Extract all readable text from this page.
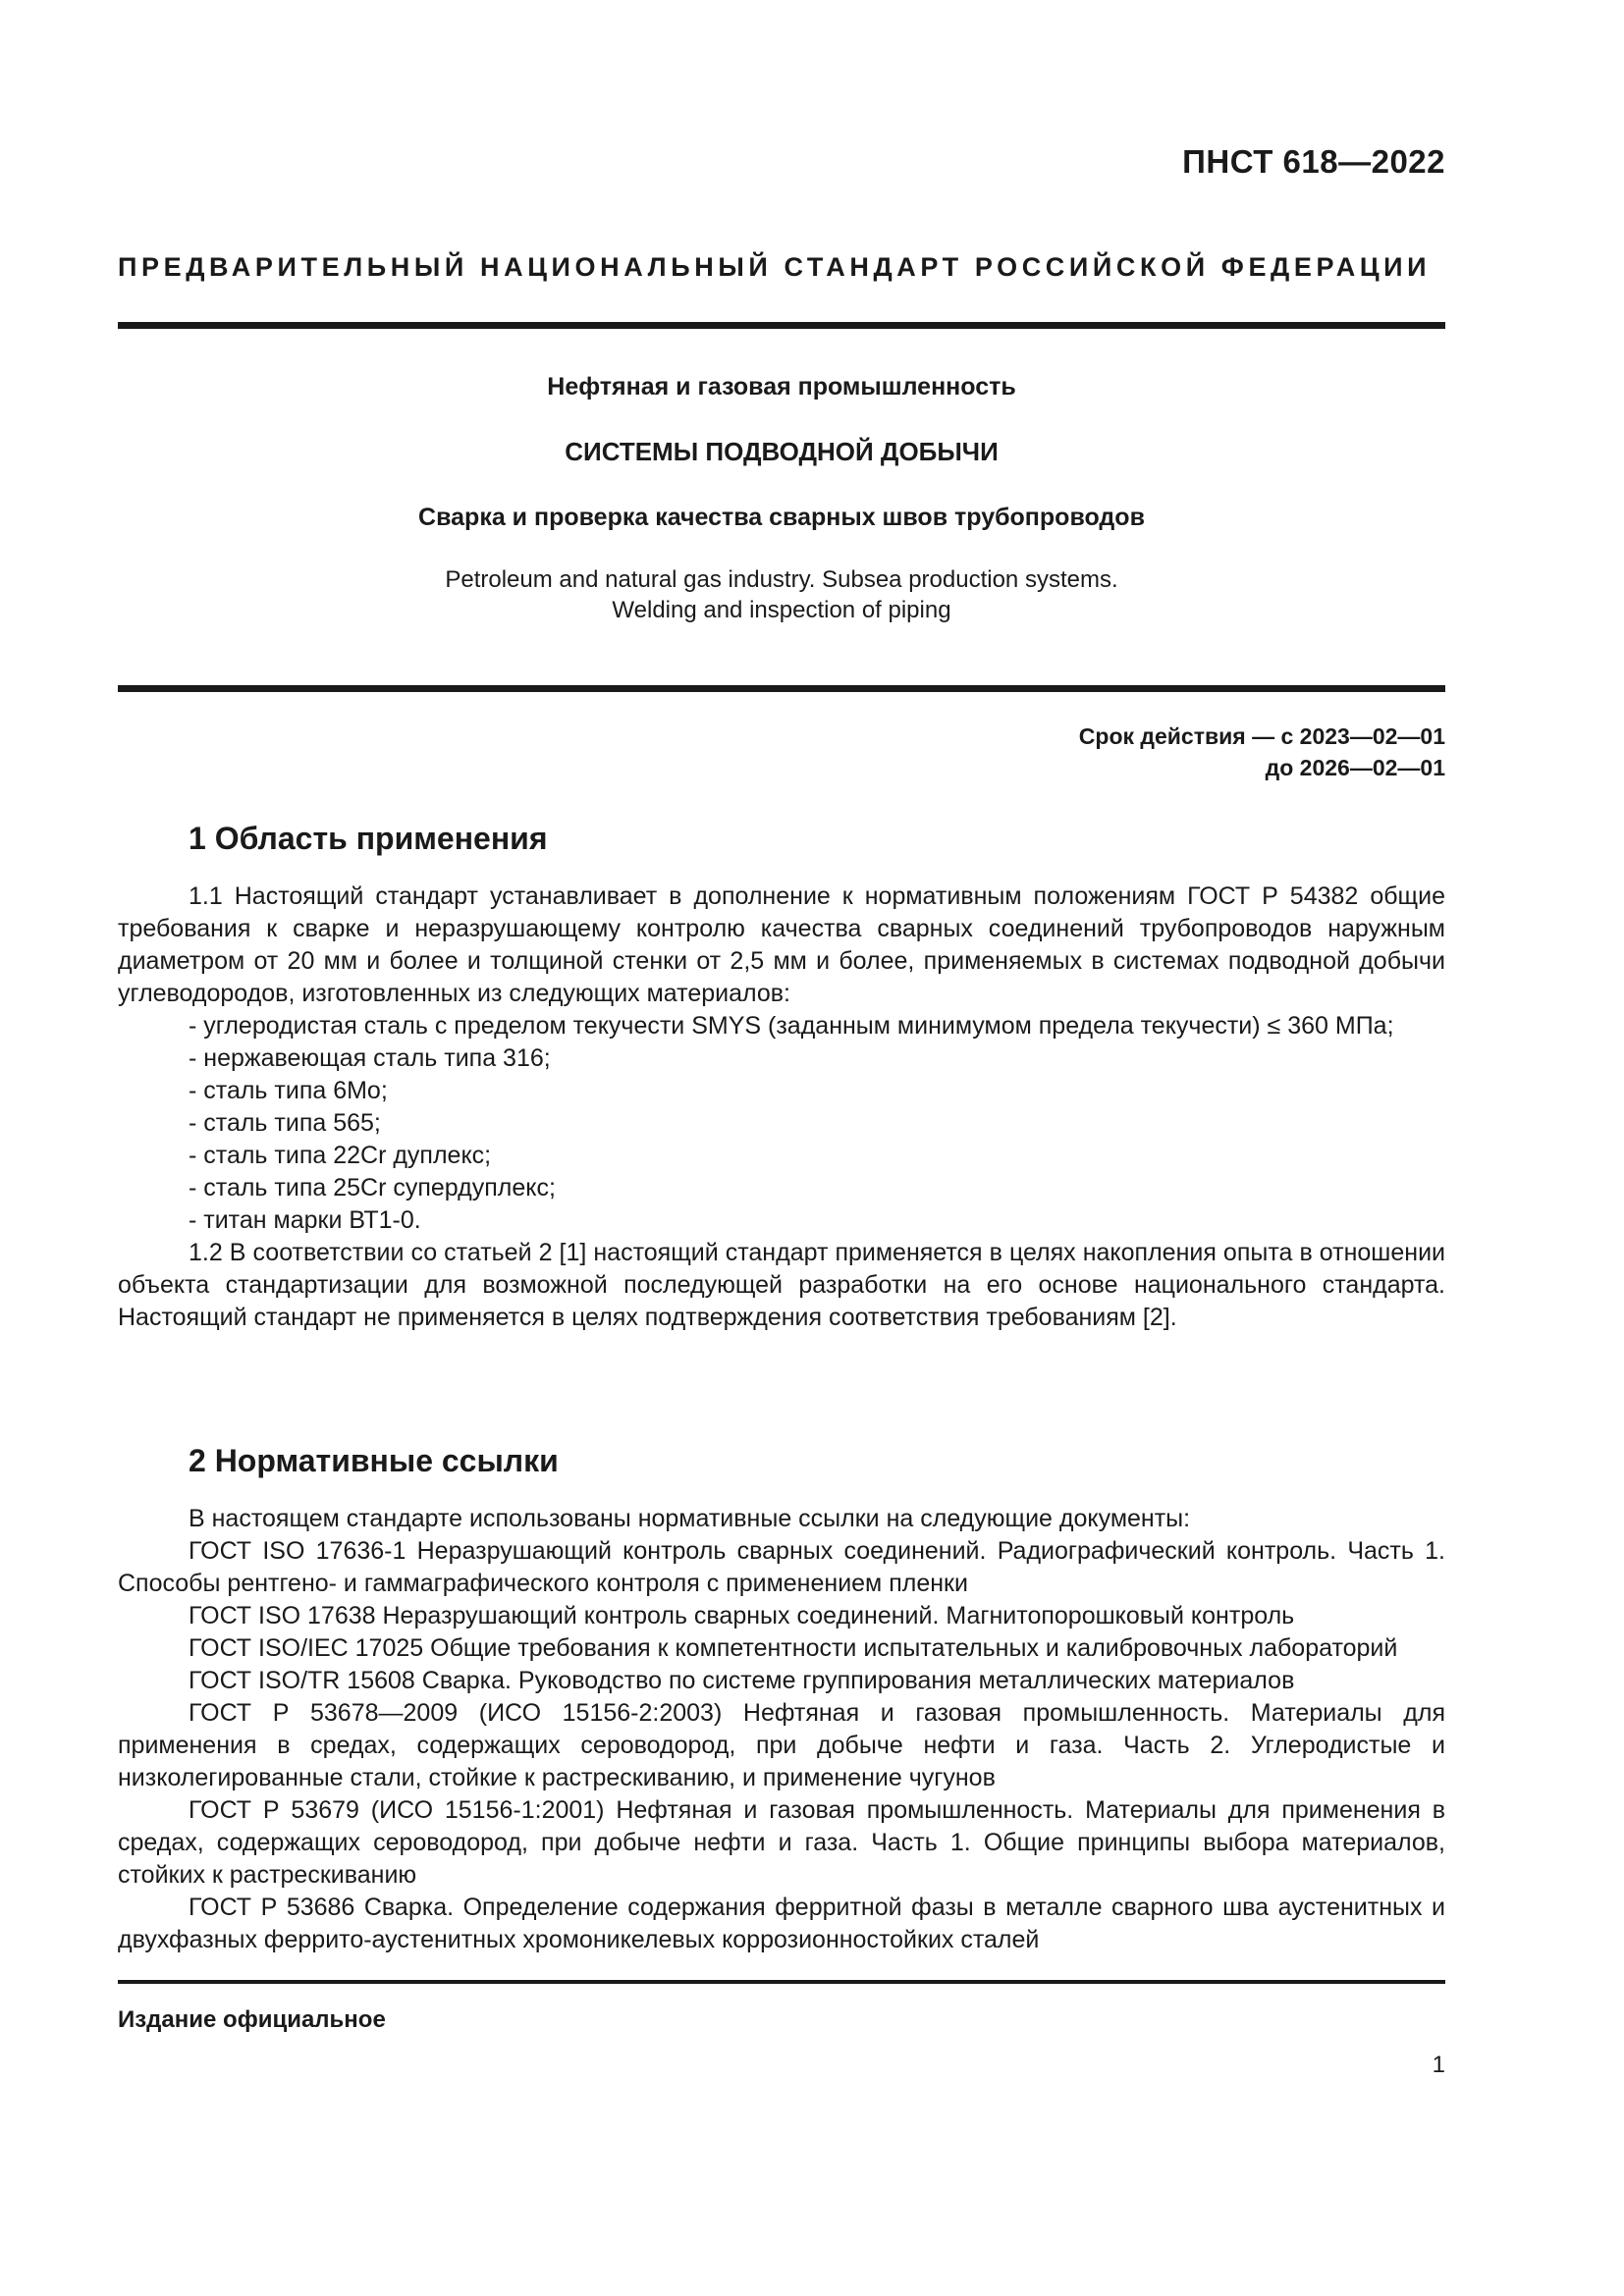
ПНСТ 618—2022
ПРЕДВАРИТЕЛЬНЫЙ НАЦИОНАЛЬНЫЙ СТАНДАРТ РОССИЙСКОЙ ФЕДЕРАЦИИ
Нефтяная и газовая промышленность
СИСТЕМЫ ПОДВОДНОЙ ДОБЫЧИ
Сварка и проверка качества сварных швов трубопроводов
Petroleum and natural gas industry. Subsea production systems.
Welding and inspection of piping
Срок действия — с 2023—02—01
до 2026—02—01
1 Область применения

1.1 Настоящий стандарт устанавливает в дополнение к нормативным положениям ГОСТ Р 54382 общие требования к сварке и неразрушающему контролю качества сварных соединений трубопроводов наружным диаметром от 20 мм и более и толщиной стенки от 2,5 мм и более, применяемых в системах подводной добычи углеводородов, изготовленных из следующих материалов:

- углеродистая сталь с пределом текучести SMYS (заданным минимумом предела текучести) ≤ 360 МПа;

- нержавеющая сталь типа 316;

- сталь типа 6Mo;

- сталь типа 565;

- сталь типа 22Cr дуплекс;

- сталь типа 25Cr супердуплекс;

- титан марки ВТ1-0.

1.2 В соответствии со статьей 2 [1] настоящий стандарт применяется в целях накопления опыта в отношении объекта стандартизации для возможной последующей разработки на его основе национального стандарта. Настоящий стандарт не применяется в целях подтверждения соответствия требованиям [2].

2 Нормативные ссылки

В настоящем стандарте использованы нормативные ссылки на следующие документы:

ГОСТ ISO 17636-1 Неразрушающий контроль сварных соединений. Радиографический контроль. Часть 1. Способы рентгено- и гаммаграфического контроля с применением пленки

ГОСТ ISO 17638 Неразрушающий контроль сварных соединений. Магнитопорошковый контроль

ГОСТ ISO/IEC 17025 Общие требования к компетентности испытательных и калибровочных лабораторий

ГОСТ ISO/TR 15608 Сварка. Руководство по системе группирования металлических материалов

ГОСТ Р 53678—2009 (ИСО 15156-2:2003) Нефтяная и газовая промышленность. Материалы для применения в средах, содержащих сероводород, при добыче нефти и газа. Часть 2. Углеродистые и низколегированные стали, стойкие к растрескиванию, и применение чугунов

ГОСТ Р 53679 (ИСО 15156-1:2001) Нефтяная и газовая промышленность. Материалы для применения в средах, содержащих сероводород, при добыче нефти и газа. Часть 1. Общие принципы выбора материалов, стойких к растрескиванию

ГОСТ Р 53686 Сварка. Определение содержания ферритной фазы в металле сварного шва аустенитных и двухфазных феррито-аустенитных хромоникелевых коррозионностойких сталей

Издание официальное
1
